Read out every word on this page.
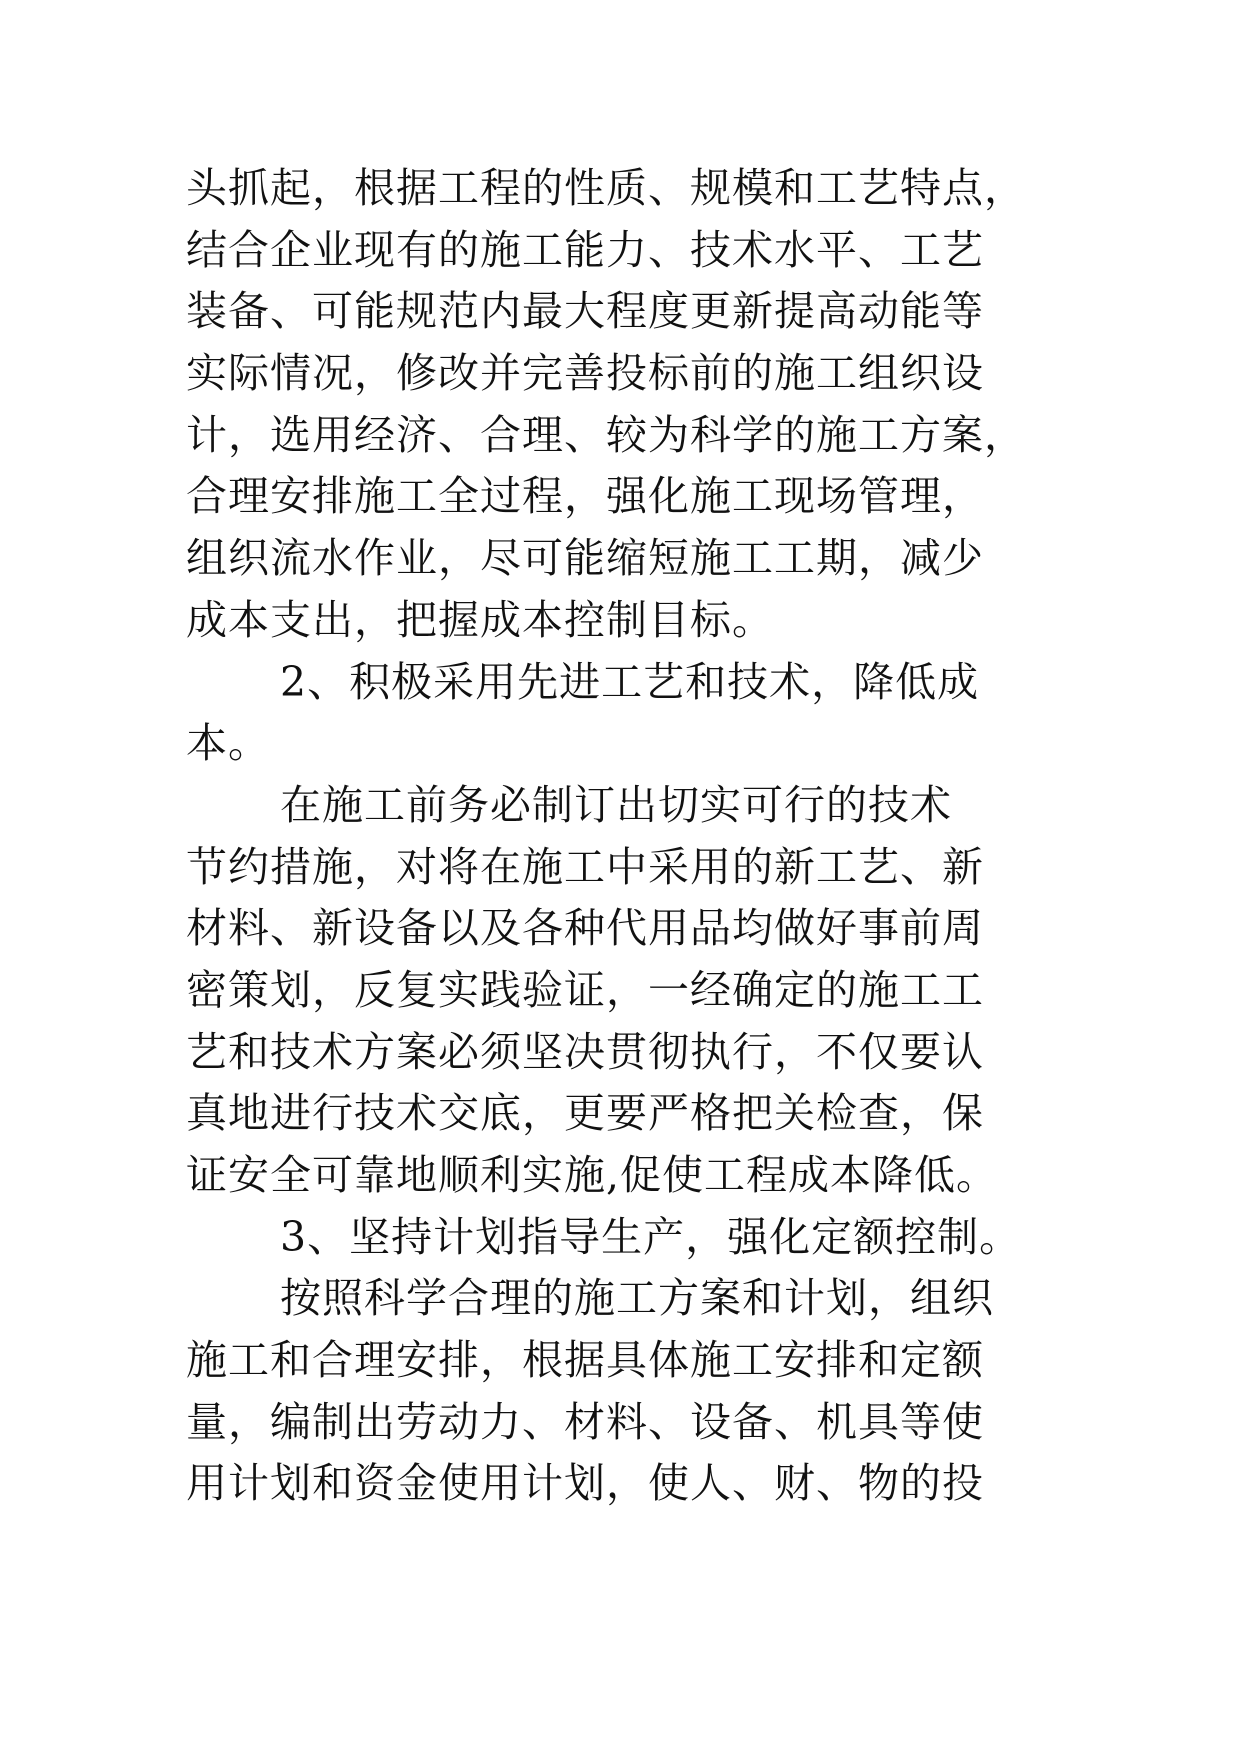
头抓起，根据工程的性质、规模和工艺特点，
结合企业现有的施工能力、技术水平、工艺
装备、可能规范内最大程度更新提高动能等
实际情况，修改并完善投标前的施工组织设
计，选用经济、合理、较为科学的施工方案，
合理安排施工全过程，强化施工现场管理，
组织流水作业，尽可能缩短施工工期，减少
成本支出，把握成本控制目标。
2、积极采用先进工艺和技术，降低成
本。
在施工前务必制订出切实可行的技术
节约措施，对将在施工中采用的新工艺、新
材料、新设备以及各种代用品均做好事前周
密策划，反复实践验证，一经确定的施工工
艺和技术方案必须坚决贯彻执行，不仅要认
真地进行技术交底，更要严格把关检查，保
证安全可靠地顺利实施,促使工程成本降低。
3、坚持计划指导生产，强化定额控制。
按照科学合理的施工方案和计划，组织
施工和合理安排，根据具体施工安排和定额
量，编制出劳动力、材料、设备、机具等使
用计划和资金使用计划，使人、财、物的投
